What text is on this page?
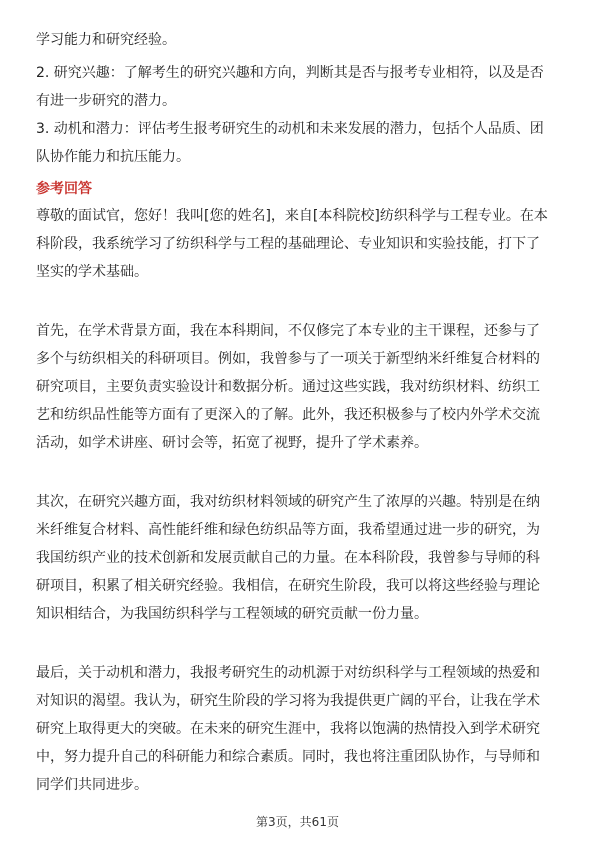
学习能力和研究经验。
2. 研究兴趣：了解考生的研究兴趣和方向，判断其是否与报考专业相符，以及是否
有进一步研究的潜力。
3. 动机和潜力：评估考生报考研究生的动机和未来发展的潜力，包括个人品质、团
队协作能力和抗压能力。
参考回答
尊敬的面试官，您好！我叫[您的姓名]，来自[本科院校]纺织科学与工程专业。在本
科阶段，我系统学习了纺织科学与工程的基础理论、专业知识和实验技能，打下了
坚实的学术基础。
首先，在学术背景方面，我在本科期间，不仅修完了本专业的主干课程，还参与了
多个与纺织相关的科研项目。例如，我曾参与了一项关于新型纳米纤维复合材料的
研究项目，主要负责实验设计和数据分析。通过这些实践，我对纺织材料、纺织工
艺和纺织品性能等方面有了更深入的了解。此外，我还积极参与了校内外学术交流
活动，如学术讲座、研讨会等，拓宽了视野，提升了学术素养。
其次，在研究兴趣方面，我对纺织材料领域的研究产生了浓厚的兴趣。特别是在纳
米纤维复合材料、高性能纤维和绿色纺织品等方面，我希望通过进一步的研究，为
我国纺织产业的技术创新和发展贡献自己的力量。在本科阶段，我曾参与导师的科
研项目，积累了相关研究经验。我相信，在研究生阶段，我可以将这些经验与理论
知识相结合，为我国纺织科学与工程领域的研究贡献一份力量。
最后，关于动机和潜力，我报考研究生的动机源于对纺织科学与工程领域的热爱和
对知识的渴望。我认为，研究生阶段的学习将为我提供更广阔的平台，让我在学术
研究上取得更大的突破。在未来的研究生涯中，我将以饱满的热情投入到学术研究
中，努力提升自己的科研能力和综合素质。同时，我也将注重团队协作，与导师和
同学们共同进步。
第3页，共61页
